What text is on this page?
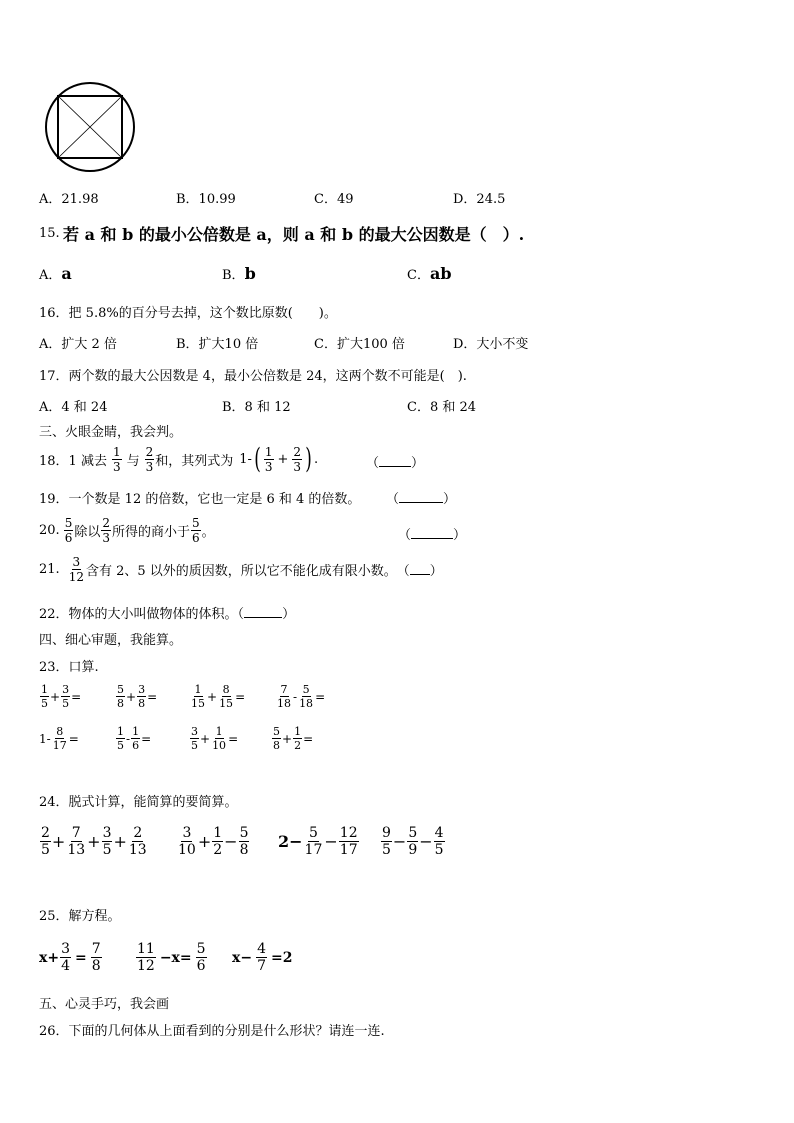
A．21.98	B．10.99	C．49	D．24.5
15. 若 a 和 b 的最小公倍数是 a，则 a 和 b 的最大公因数是（　）.
A．a	B．b	C．ab
16．把 5.8%的百分号去掉，这个数比原数(　　)。
A．扩大 2 倍	B．扩大10 倍	C．扩大100 倍	D．大小不变
17．两个数的最大公因数是 4，最小公倍数是 24，这两个数不可能是(　).
A．4 和 24	B．8 和 12	C．8 和 24
三、火眼金睛，我会判。
18．1 减去 $\frac{1}{3}$ 与 $\frac{2}{3}$ 和，其列式为 1- ( $\frac{1}{3} + \frac{2}{3}$ ) .	（ ）
19．一个数是 12 的倍数，它也一定是 6 和 4 的倍数。 （	）
20. $\frac{5}{6}$ 除以 $\frac{2}{3}$ 所得的商小于 $\frac{5}{6}$ 。	（	）
21. $\frac{3}{12}$ 含有 2、5 以外的质因数，所以它不能化成有限小数。 （ ）
22．物体的大小叫做物体的体积。（	）
四、细心审题，我能算。
23．口算.
$\frac{1}{5} + \frac{3}{5}$ =	$\frac{5}{8} + \frac{3}{8}$ =	$\frac{1}{15} + \frac{8}{15}$ =	$\frac{7}{18} - \frac{5}{18}$ =
$1- \frac{8}{17}$ =	$\frac{1}{5} - \frac{1}{6}$ =	$\frac{3}{5} + \frac{1}{10}$ =	$\frac{5}{8} + \frac{1}{2}$ =
24．脱式计算，能简算的要简算。
$\frac{2}{5} + \frac{7}{13} + \frac{3}{5} + \frac{2}{13} \frac{3}{10} + \frac{1}{2} - \frac{5}{8} 2- \frac{5}{17} - \frac{12}{17} \frac{9}{5} - \frac{5}{9} - \frac{4}{5}$
25．解方程。
$x+ \frac{3}{4} = \frac{7}{8} \frac{11}{12} -x= \frac{5}{6} x- \frac{4}{7} =2$
五、心灵手巧，我会画
26．下面的几何体从上面看到的分别是什么形状？请连一连.
